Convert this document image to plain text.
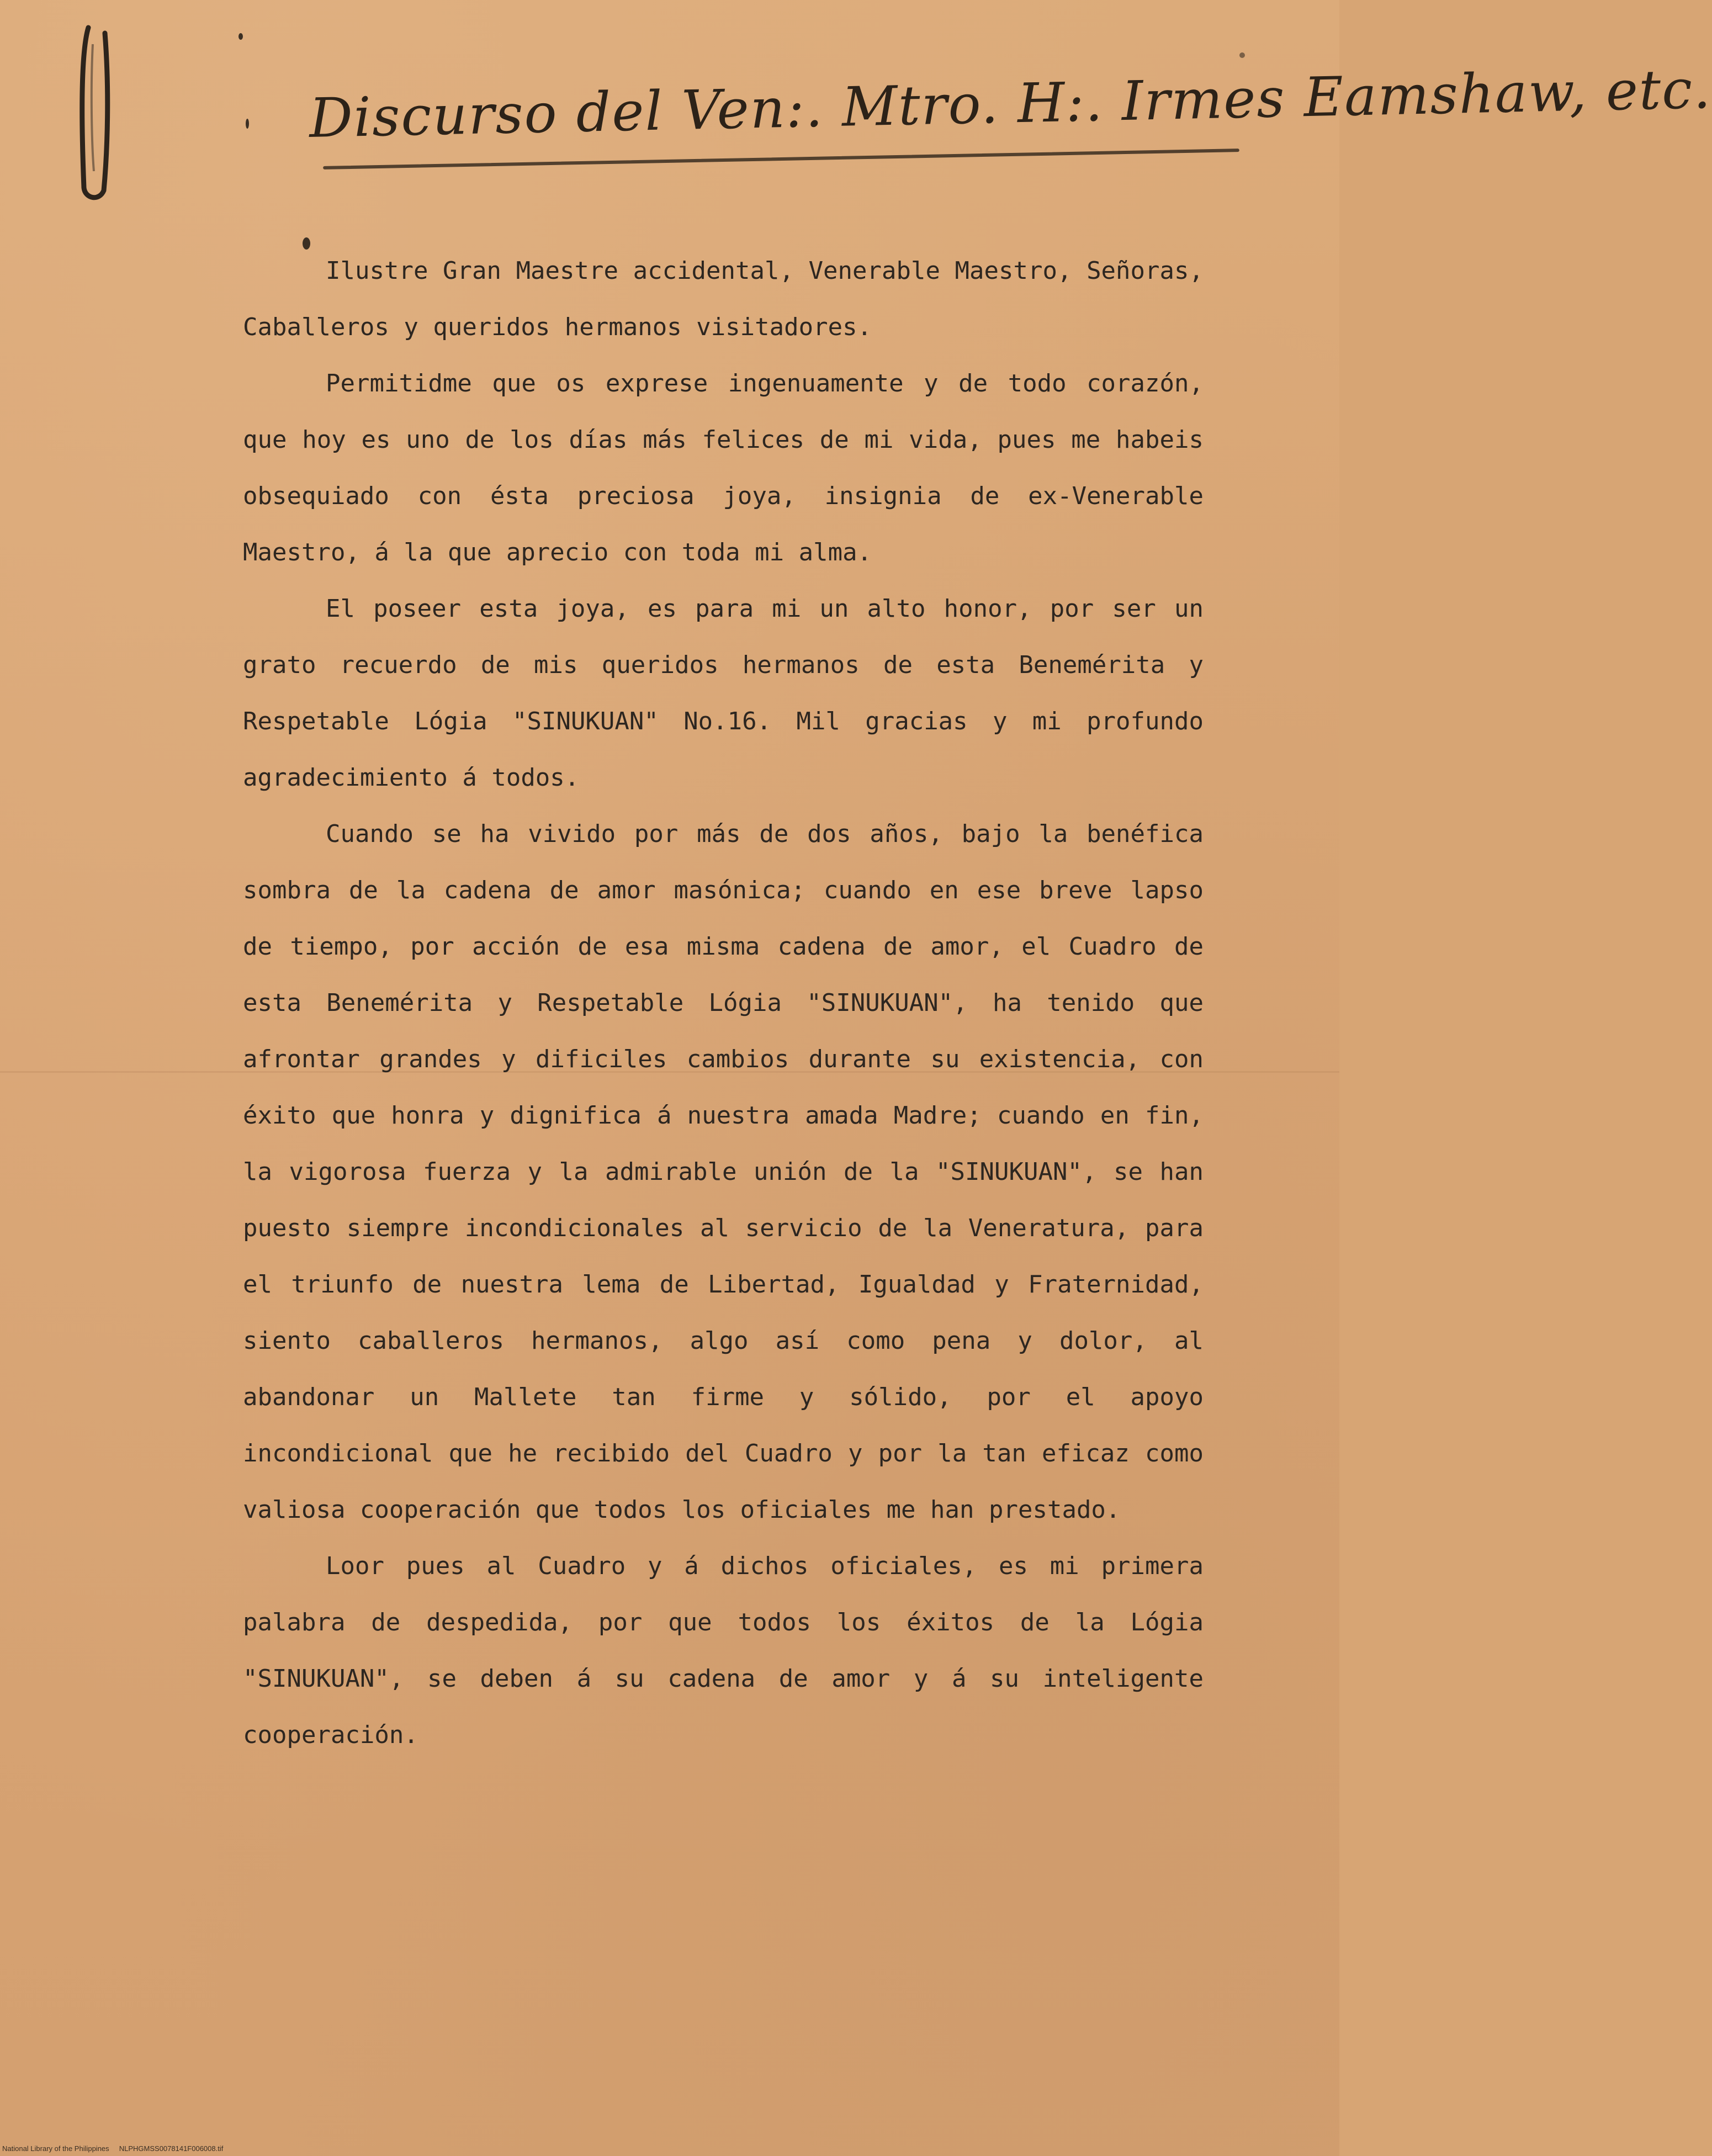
Discurso del Ven:. Mtro. H:. Irmes Eamshaw, etc.

Ilustre Gran Maestre accidental, Venerable Maestro, Señoras, Caballeros y queridos hermanos visitadores.

Permitidme que os exprese ingenuamente y de todo corazón, que hoy es uno de los días más felices de mi vida, pues me habeis obsequiado con ésta preciosa joya, insignia de ex-Venerable Maestro, á la que aprecio con toda mi alma.

El poseer esta joya, es para mi un alto honor, por ser un grato recuerdo de mis queridos hermanos de esta Benemérita y Respetable Lógia "SINUKUAN" No.16. Mil gracias y mi profundo agradecimiento á todos.

Cuando se ha vivido por más de dos años, bajo la benéfica sombra de la cadena de amor masónica; cuando en ese breve lapso de tiempo, por acción de esa misma cadena de amor, el Cuadro de esta Benemérita y Respetable Lógia "SINUKUAN", ha tenido que afrontar grandes y dificiles cambios durante su existencia, con éxito que honra y dignifica á nuestra amada Madre; cuando en fin, la vigorosa fuerza y la admirable unión de la "SINUKUAN", se han puesto siempre incondicionales al servicio de la Veneratura, para el triunfo de nuestra lema de Libertad, Igualdad y Fraternidad, siento caballeros hermanos, algo así como pena y dolor, al abandonar un Mallete tan firme y sólido, por el apoyo incondicional que he recibido del Cuadro y por la tan eficaz como valiosa cooperación que todos los oficiales me han prestado.

Loor pues al Cuadro y á dichos oficiales, es mi primera palabra de despedida, por que todos los éxitos de la Lógia "SINUKUAN", se deben á su cadena de amor y á su inteligente cooperación.

National Library of the Philippines NLPHGMSS0078141F006008.tif
